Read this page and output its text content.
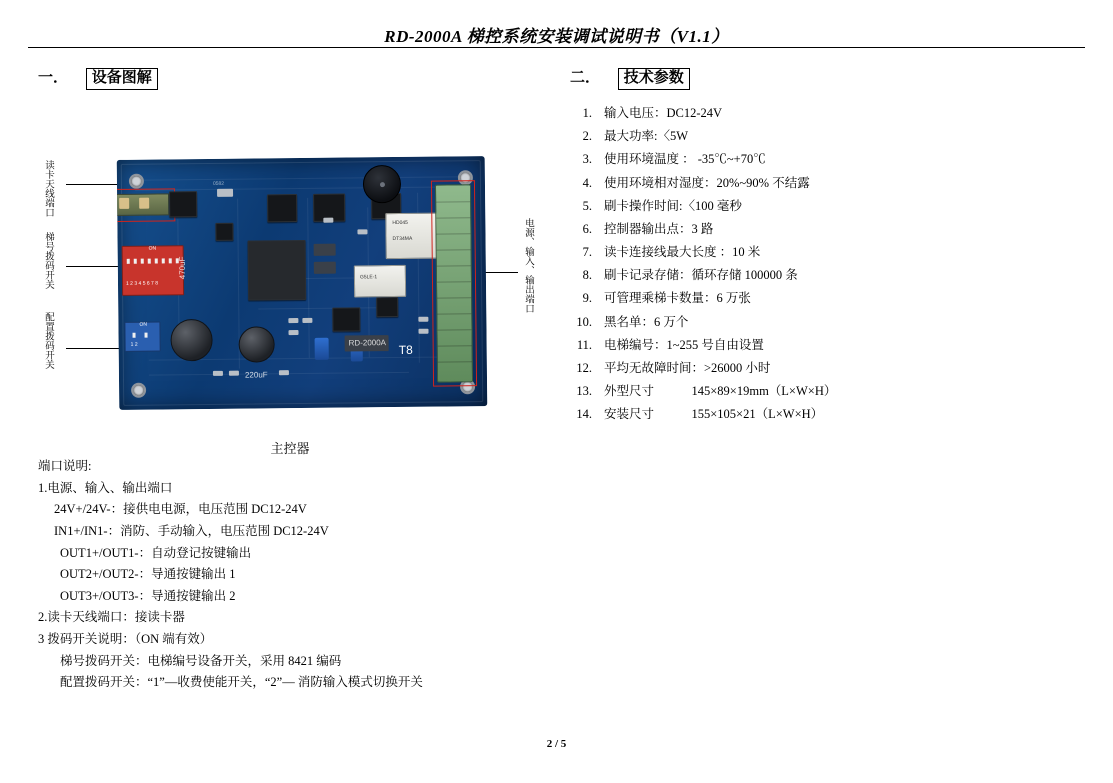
RD-2000A 梯控系统安装调试说明书（V1.1）
一． 设备图解	二． 技术参数
1. 输入电压：DC12-24V
2. 最大功率:〈5W
3. 使用环境温度 ： -35℃~+70℃
4. 使用环境相对湿度：20%~90% 不结露
5. 刷卡操作时间:〈100 毫秒
6. 控制器输出点：3 路
7. 读卡连接线最大长度 ：10 米
8. 刷卡记录存储：循环存储 100000 条
9. 可管理乘梯卡数量：6 万张
10. 黑名单：6 万个
11. 电梯编号：1~255 号自由设置
12. 平均无故障时间：>26000 小时
13. 外型尺寸　　　145×89×19mm（L×W×H）
14. 安装尺寸　　　155×105×21（L×W×H）
读卡天线端口
梯号拨码开关
配置拨码开关
电源、输入、输出端口
ON
1 2 3 4 5 6 7 8
ON
1 2
470uF
220uF
0582
HD045
DT34MA
G5LE-1
RD-2000A
T8
主控器
端口说明:
1.电源、输入、输出端口
24V+/24V-：接供电电源，电压范围 DC12-24V
IN1+/IN1-：消防、手动输入，电压范围 DC12-24V
OUT1+/OUT1-：自动登记按键输出
OUT2+/OUT2-：导通按键输出 1
OUT3+/OUT3-：导通按键输出 2
2.读卡天线端口：接读卡器
3 拨码开关说明：（ON 端有效）
梯号拨码开关：电梯编号设备开关，采用 8421 编码
配置拨码开关：“1”—收费使能开关，“2”— 消防输入模式切换开关
2 / 5
